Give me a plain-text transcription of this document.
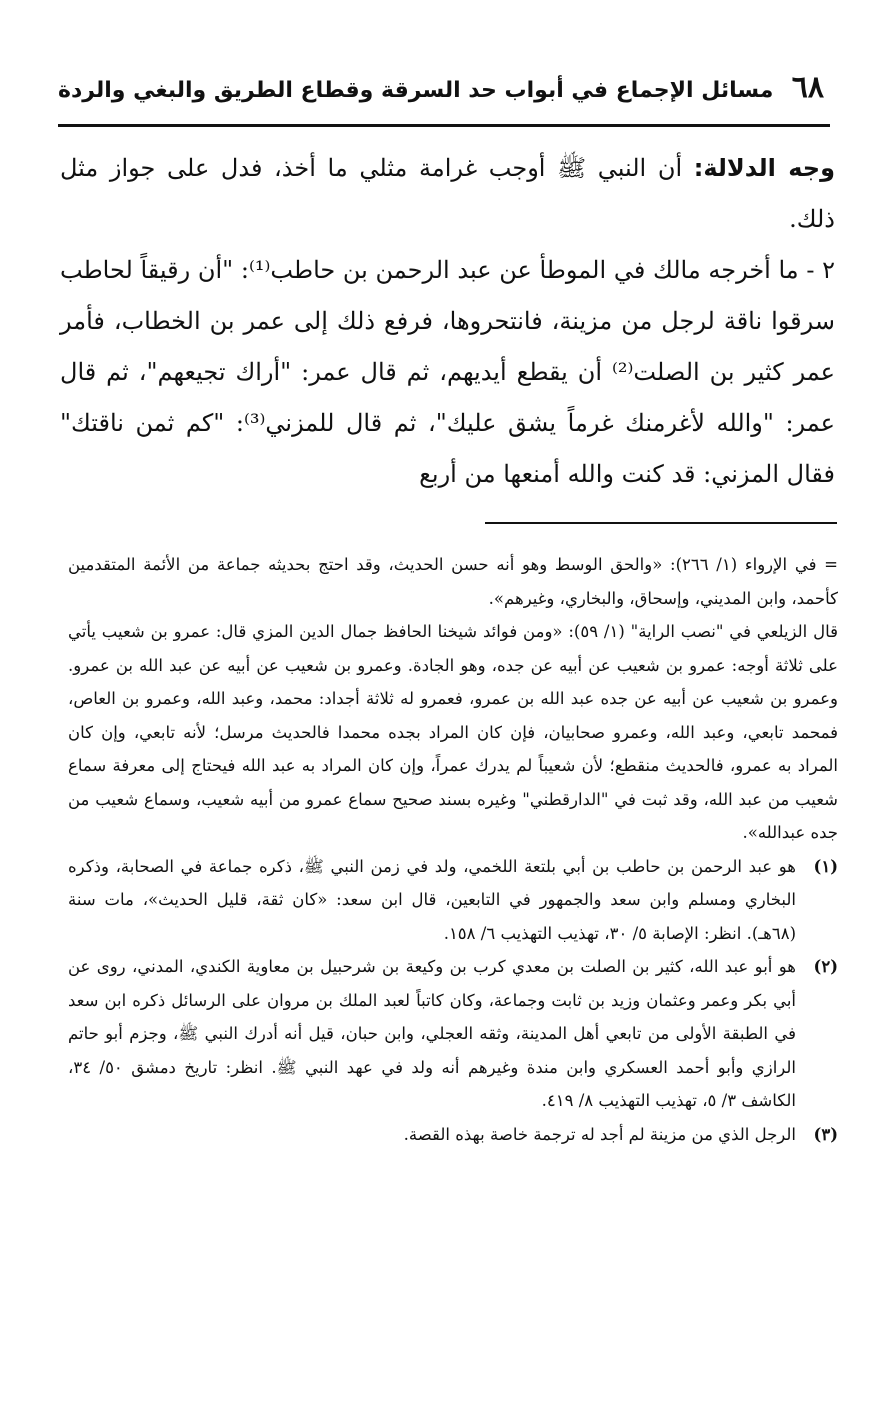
٦٨
مسائل الإجماع في أبواب حد السرقة وقطاع الطريق والبغي والردة

وجه الدلالة: أن النبي ﷺ أوجب غرامة مثلي ما أخذ، فدل على جواز مثل ذلك.

٢ - ما أخرجه مالك في الموطأ عن عبد الرحمن بن حاطب⁽¹⁾: "أن رقيقاً لحاطب سرقوا ناقة لرجل من مزينة، فانتحروها، فرفع ذلك إلى عمر بن الخطاب، فأمر عمر كثير بن الصلت⁽²⁾ أن يقطع أيديهم، ثم قال عمر: "أراك تجيعهم"، ثم قال عمر: "والله لأغرمنك غرماً يشق عليك"، ثم قال للمزني⁽³⁾: "كم ثمن ناقتك" فقال المزني: قد كنت والله أمنعها من أربع

= في الإرواء (١/ ٢٦٦): «والحق الوسط وهو أنه حسن الحديث، وقد احتج بحديثه جماعة من الأئمة المتقدمين كأحمد، وابن المديني، وإسحاق، والبخاري، وغيرهم».

قال الزيلعي في "نصب الراية" (١/ ٥٩): «ومن فوائد شيخنا الحافظ جمال الدين المزي قال: عمرو بن شعيب يأتي على ثلاثة أوجه: عمرو بن شعيب عن أبيه عن جده، وهو الجادة. وعمرو بن شعيب عن أبيه عن عبد الله بن عمرو. وعمرو بن شعيب عن أبيه عن جده عبد الله بن عمرو، فعمرو له ثلاثة أجداد: محمد، وعبد الله، وعمرو بن العاص، فمحمد تابعي، وعبد الله، وعمرو صحابيان، فإن كان المراد بجده محمدا فالحديث مرسل؛ لأنه تابعي، وإن كان المراد به عمرو، فالحديث منقطع؛ لأن شعيباً لم يدرك عمراً، وإن كان المراد به عبد الله فيحتاج إلى معرفة سماع شعيب من عبد الله، وقد ثبت في "الدارقطني" وغيره بسند صحيح سماع عمرو من أبيه شعيب، وسماع شعيب من جده عبدالله».

(١)
هو عبد الرحمن بن حاطب بن أبي بلتعة اللخمي، ولد في زمن النبي ﷺ، ذكره جماعة في الصحابة، وذكره البخاري ومسلم وابن سعد والجمهور في التابعين، قال ابن سعد: «كان ثقة، قليل الحديث»، مات سنة (٦٨هـ). انظر: الإصابة ٥/ ٣٠، تهذيب التهذيب ٦/ ١٥٨.

(٢)
هو أبو عبد الله، كثير بن الصلت بن معدي كرب بن وكيعة بن شرحبيل بن معاوية الكندي، المدني، روى عن أبي بكر وعمر وعثمان وزيد بن ثابت وجماعة، وكان كاتباً لعبد الملك بن مروان على الرسائل ذكره ابن سعد في الطبقة الأولى من تابعي أهل المدينة، وثقه العجلي، وابن حبان، قيل أنه أدرك النبي ﷺ، وجزم أبو حاتم الرازي وأبو أحمد العسكري وابن مندة وغيرهم أنه ولد في عهد النبي ﷺ. انظر: تاريخ دمشق ٥٠/ ٣٤، الكاشف ٣/ ٥، تهذيب التهذيب ٨/ ٤١٩.

(٣)
الرجل الذي من مزينة لم أجد له ترجمة خاصة بهذه القصة.
